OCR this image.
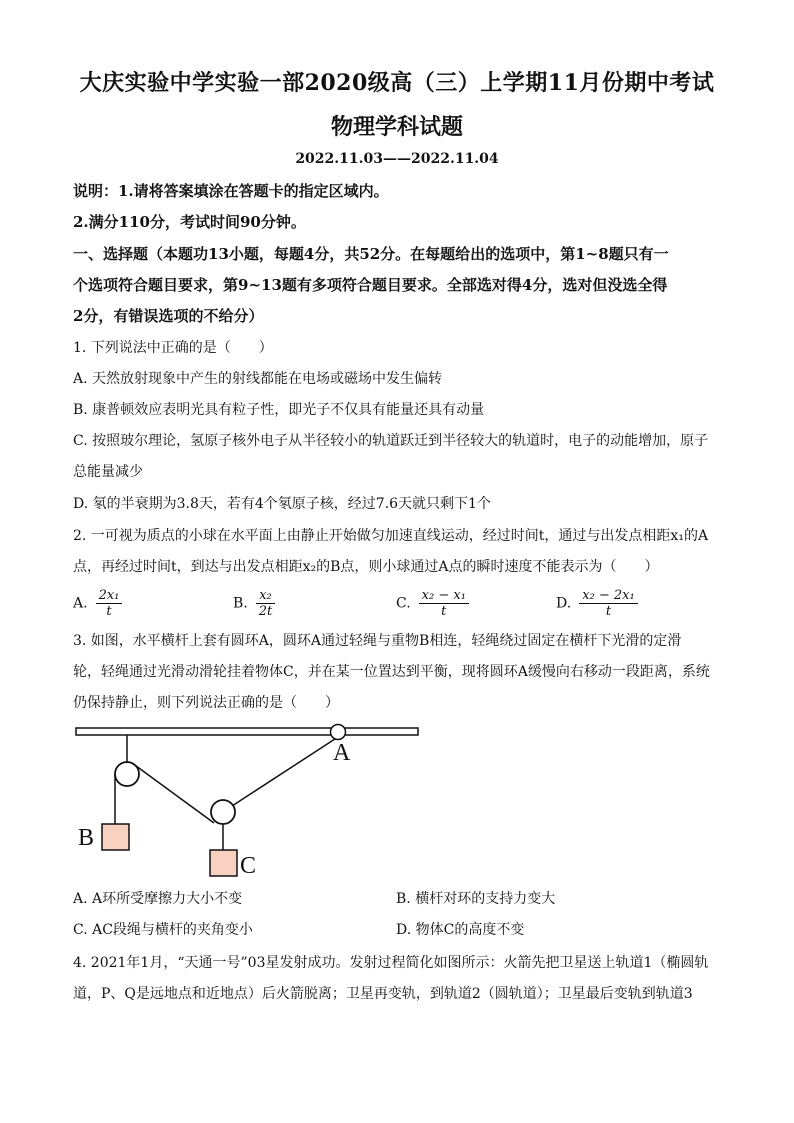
大庆实验中学实验一部2020级高（三）上学期11月份期中考试
物理学科试题
2022.11.03——2022.11.04
说明：1.请将答案填涂在答题卡的指定区域内。
2.满分110分，考试时间90分钟。
一、选择题（本题功13小题，每题4分，共52分。在每题给出的选项中，第1~8题只有一
个选项符合题目要求，第9~13题有多项符合题目要求。全部选对得4分，选对但没选全得
2分，有错误选项的不给分）
1. 下列说法中正确的是（　　）
A. 天然放射现象中产生的射线都能在电场或磁场中发生偏转
B. 康普顿效应表明光具有粒子性，即光子不仅具有能量还具有动量
C. 按照玻尔理论，氢原子核外电子从半径较小的轨道跃迁到半径较大的轨道时，电子的动能增加，原子
总能量减少
D. 氡的半衰期为3.8天，若有4个氡原子核，经过7.6天就只剩下1个
2. 一可视为质点的小球在水平面上由静止开始做匀加速直线运动，经过时间t，通过与出发点相距x₁的A
点，再经过时间t，到达与出发点相距x₂的B点，则小球通过A点的瞬时速度不能表示为（　　）
A. $\frac{\text{2x₁}}{t}$	B. $\frac{\text{x₂}}{2t}$	C. $\frac{\text{x₂ − x₁}}{t}$	D. $\frac{\text{x₂ − 2x₁}}{t}$
3. 如图，水平横杆上套有圆环A，圆环A通过轻绳与重物B相连，轻绳绕过固定在横杆下光滑的定滑
轮，轻绳通过光滑动滑轮挂着物体C，并在某一位置达到平衡，现将圆环A缓慢向右移动一段距离，系统
仍保持静止，则下列说法正确的是（　　）
A
B
C
A. A环所受摩擦力大小不变	B. 横杆对环的支持力变大
C. AC段绳与横杆的夹角变小	D. 物体C的高度不变
4. 2021年1月，“天通一号”03星发射成功。发射过程简化如图所示：火箭先把卫星送上轨道1（椭圆轨
道，P、Q是远地点和近地点）后火箭脱离；卫星再变轨，到轨道2（圆轨道）；卫星最后变轨到轨道3
